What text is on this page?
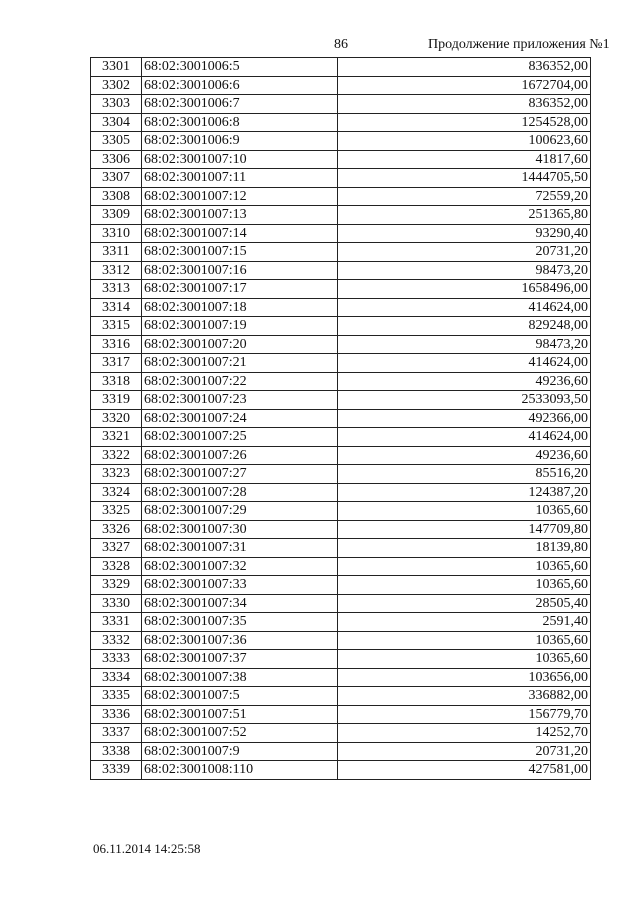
86	Продолжение приложения №1
3301	68:02:3001006:5	836352,00
3302	68:02:3001006:6	1672704,00
3303	68:02:3001006:7	836352,00
3304	68:02:3001006:8	1254528,00
3305	68:02:3001006:9	100623,60
3306	68:02:3001007:10	41817,60
3307	68:02:3001007:11	1444705,50
3308	68:02:3001007:12	72559,20
3309	68:02:3001007:13	251365,80
3310	68:02:3001007:14	93290,40
3311	68:02:3001007:15	20731,20
3312	68:02:3001007:16	98473,20
3313	68:02:3001007:17	1658496,00
3314	68:02:3001007:18	414624,00
3315	68:02:3001007:19	829248,00
3316	68:02:3001007:20	98473,20
3317	68:02:3001007:21	414624,00
3318	68:02:3001007:22	49236,60
3319	68:02:3001007:23	2533093,50
3320	68:02:3001007:24	492366,00
3321	68:02:3001007:25	414624,00
3322	68:02:3001007:26	49236,60
3323	68:02:3001007:27	85516,20
3324	68:02:3001007:28	124387,20
3325	68:02:3001007:29	10365,60
3326	68:02:3001007:30	147709,80
3327	68:02:3001007:31	18139,80
3328	68:02:3001007:32	10365,60
3329	68:02:3001007:33	10365,60
3330	68:02:3001007:34	28505,40
3331	68:02:3001007:35	2591,40
3332	68:02:3001007:36	10365,60
3333	68:02:3001007:37	10365,60
3334	68:02:3001007:38	103656,00
3335	68:02:3001007:5	336882,00
3336	68:02:3001007:51	156779,70
3337	68:02:3001007:52	14252,70
3338	68:02:3001007:9	20731,20
3339	68:02:3001008:110	427581,00
06.11.2014 14:25:58
